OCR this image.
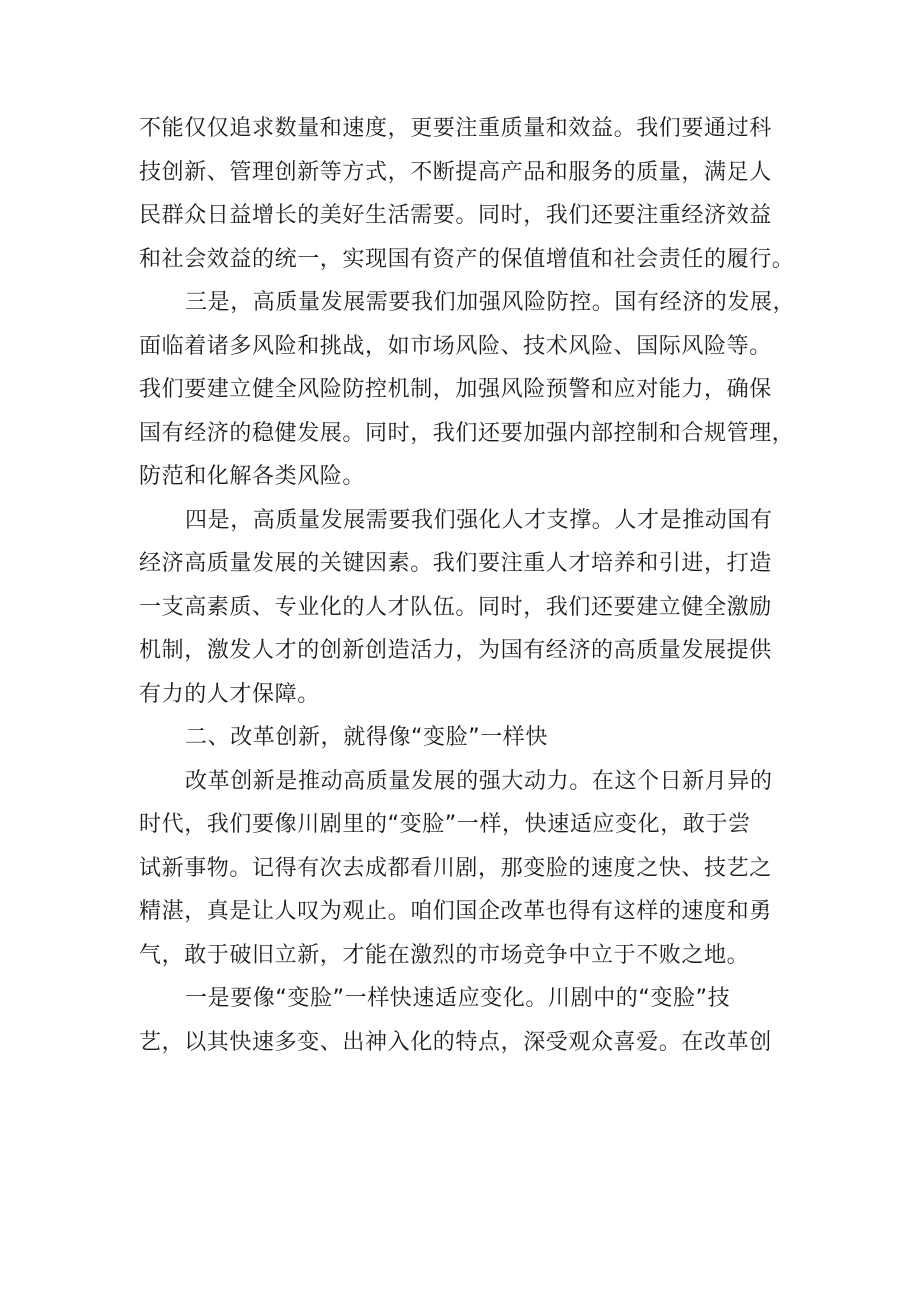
不能仅仅追求数量和速度，更要注重质量和效益。我们要通过科
技创新、管理创新等方式，不断提高产品和服务的质量，满足人
民群众日益增长的美好生活需要。同时，我们还要注重经济效益
和社会效益的统一，实现国有资产的保值增值和社会责任的履行。
三是，高质量发展需要我们加强风险防控。国有经济的发展，
面临着诸多风险和挑战，如市场风险、技术风险、国际风险等。
我们要建立健全风险防控机制，加强风险预警和应对能力，确保
国有经济的稳健发展。同时，我们还要加强内部控制和合规管理，
防范和化解各类风险。
四是，高质量发展需要我们强化人才支撑。人才是推动国有
经济高质量发展的关键因素。我们要注重人才培养和引进，打造
一支高素质、专业化的人才队伍。同时，我们还要建立健全激励
机制，激发人才的创新创造活力，为国有经济的高质量发展提供
有力的人才保障。
二、改革创新，就得像“变脸”一样快
改革创新是推动高质量发展的强大动力。在这个日新月异的
时代，我们要像川剧里的“变脸”一样，快速适应变化，敢于尝
试新事物。记得有次去成都看川剧，那变脸的速度之快、技艺之
精湛，真是让人叹为观止。咱们国企改革也得有这样的速度和勇
气，敢于破旧立新，才能在激烈的市场竞争中立于不败之地。
一是要像“变脸”一样快速适应变化。川剧中的“变脸”技
艺，以其快速多变、出神入化的特点，深受观众喜爱。在改革创
